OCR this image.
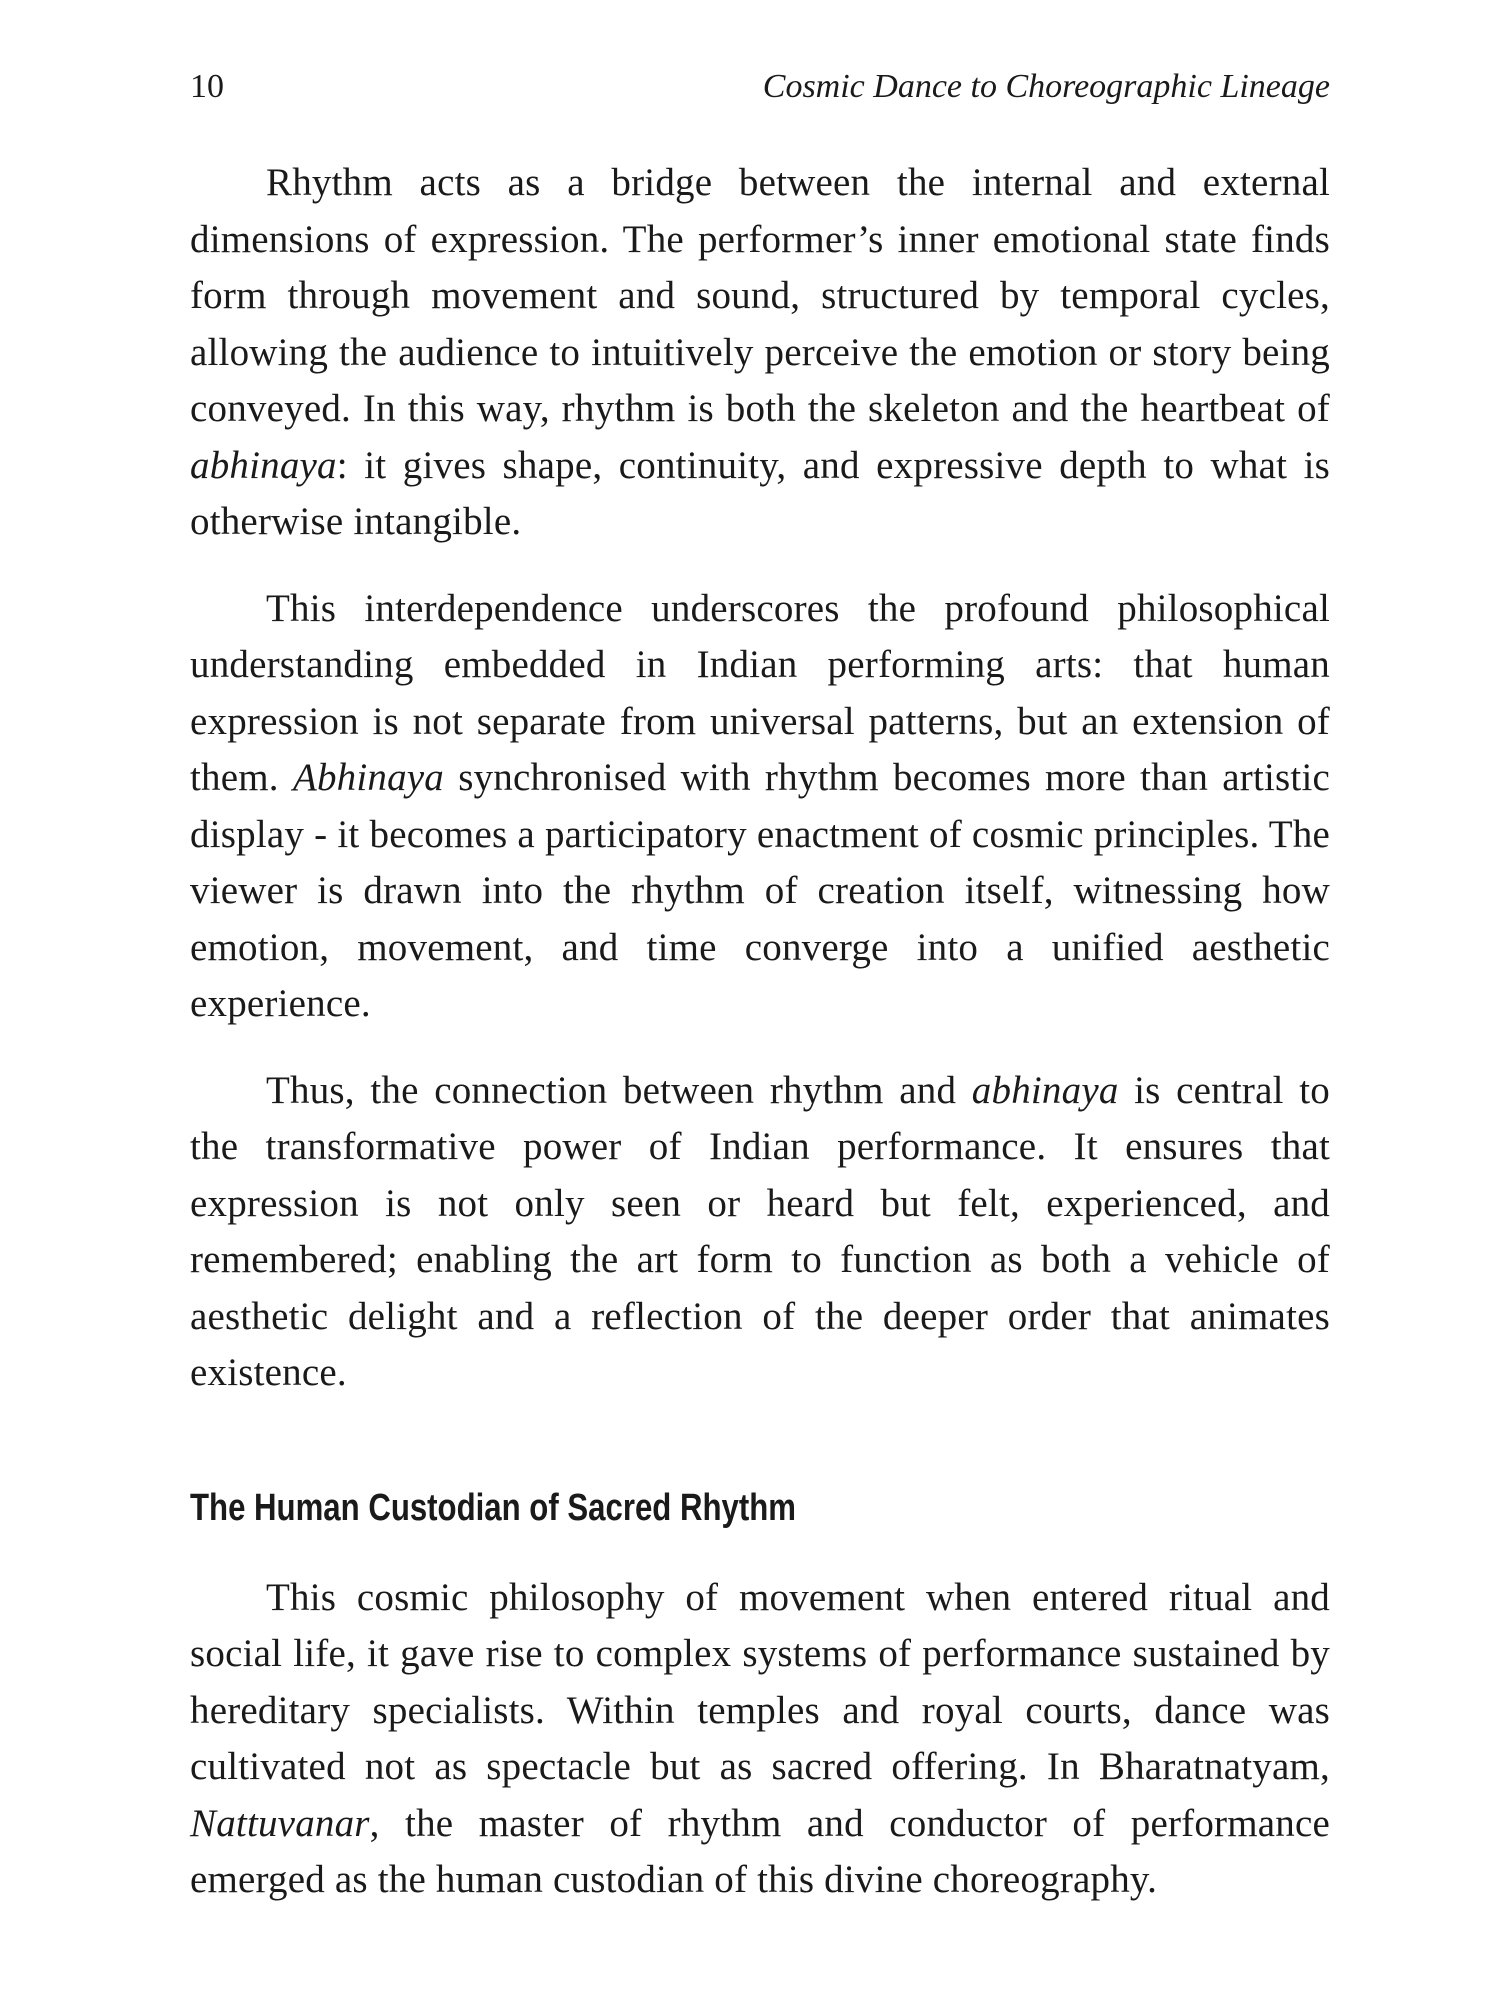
10	Cosmic Dance to Choreographic Lineage

Rhythm acts as a bridge between the internal and external dimensions of expression. The performer’s inner emotional state finds form through movement and sound, structured by temporal cycles, allowing the audience to intuitively perceive the emotion or story being conveyed. In this way, rhythm is both the skeleton and the heartbeat of abhinaya: it gives shape, continuity, and expressive depth to what is otherwise intangible.

This interdependence underscores the profound philosophical understanding embedded in Indian performing arts: that human expression is not separate from universal patterns, but an extension of them. Abhinaya synchronised with rhythm becomes more than artistic display - it becomes a participatory enactment of cosmic principles. The viewer is drawn into the rhythm of creation itself, witnessing how emotion, movement, and time converge into a unified aesthetic experience.

Thus, the connection between rhythm and abhinaya is central to the transformative power of Indian performance. It ensures that expression is not only seen or heard but felt, experienced, and remembered; enabling the art form to function as both a vehicle of aesthetic delight and a reflection of the deeper order that animates existence.

The Human Custodian of Sacred Rhythm

This cosmic philosophy of movement when entered ritual and social life, it gave rise to complex systems of performance sustained by hereditary specialists. Within temples and royal courts, dance was cultivated not as spectacle but as sacred offering. In Bharatnatyam, Nattuvanar, the master of rhythm and conductor of performance emerged as the human custodian of this divine choreography.
